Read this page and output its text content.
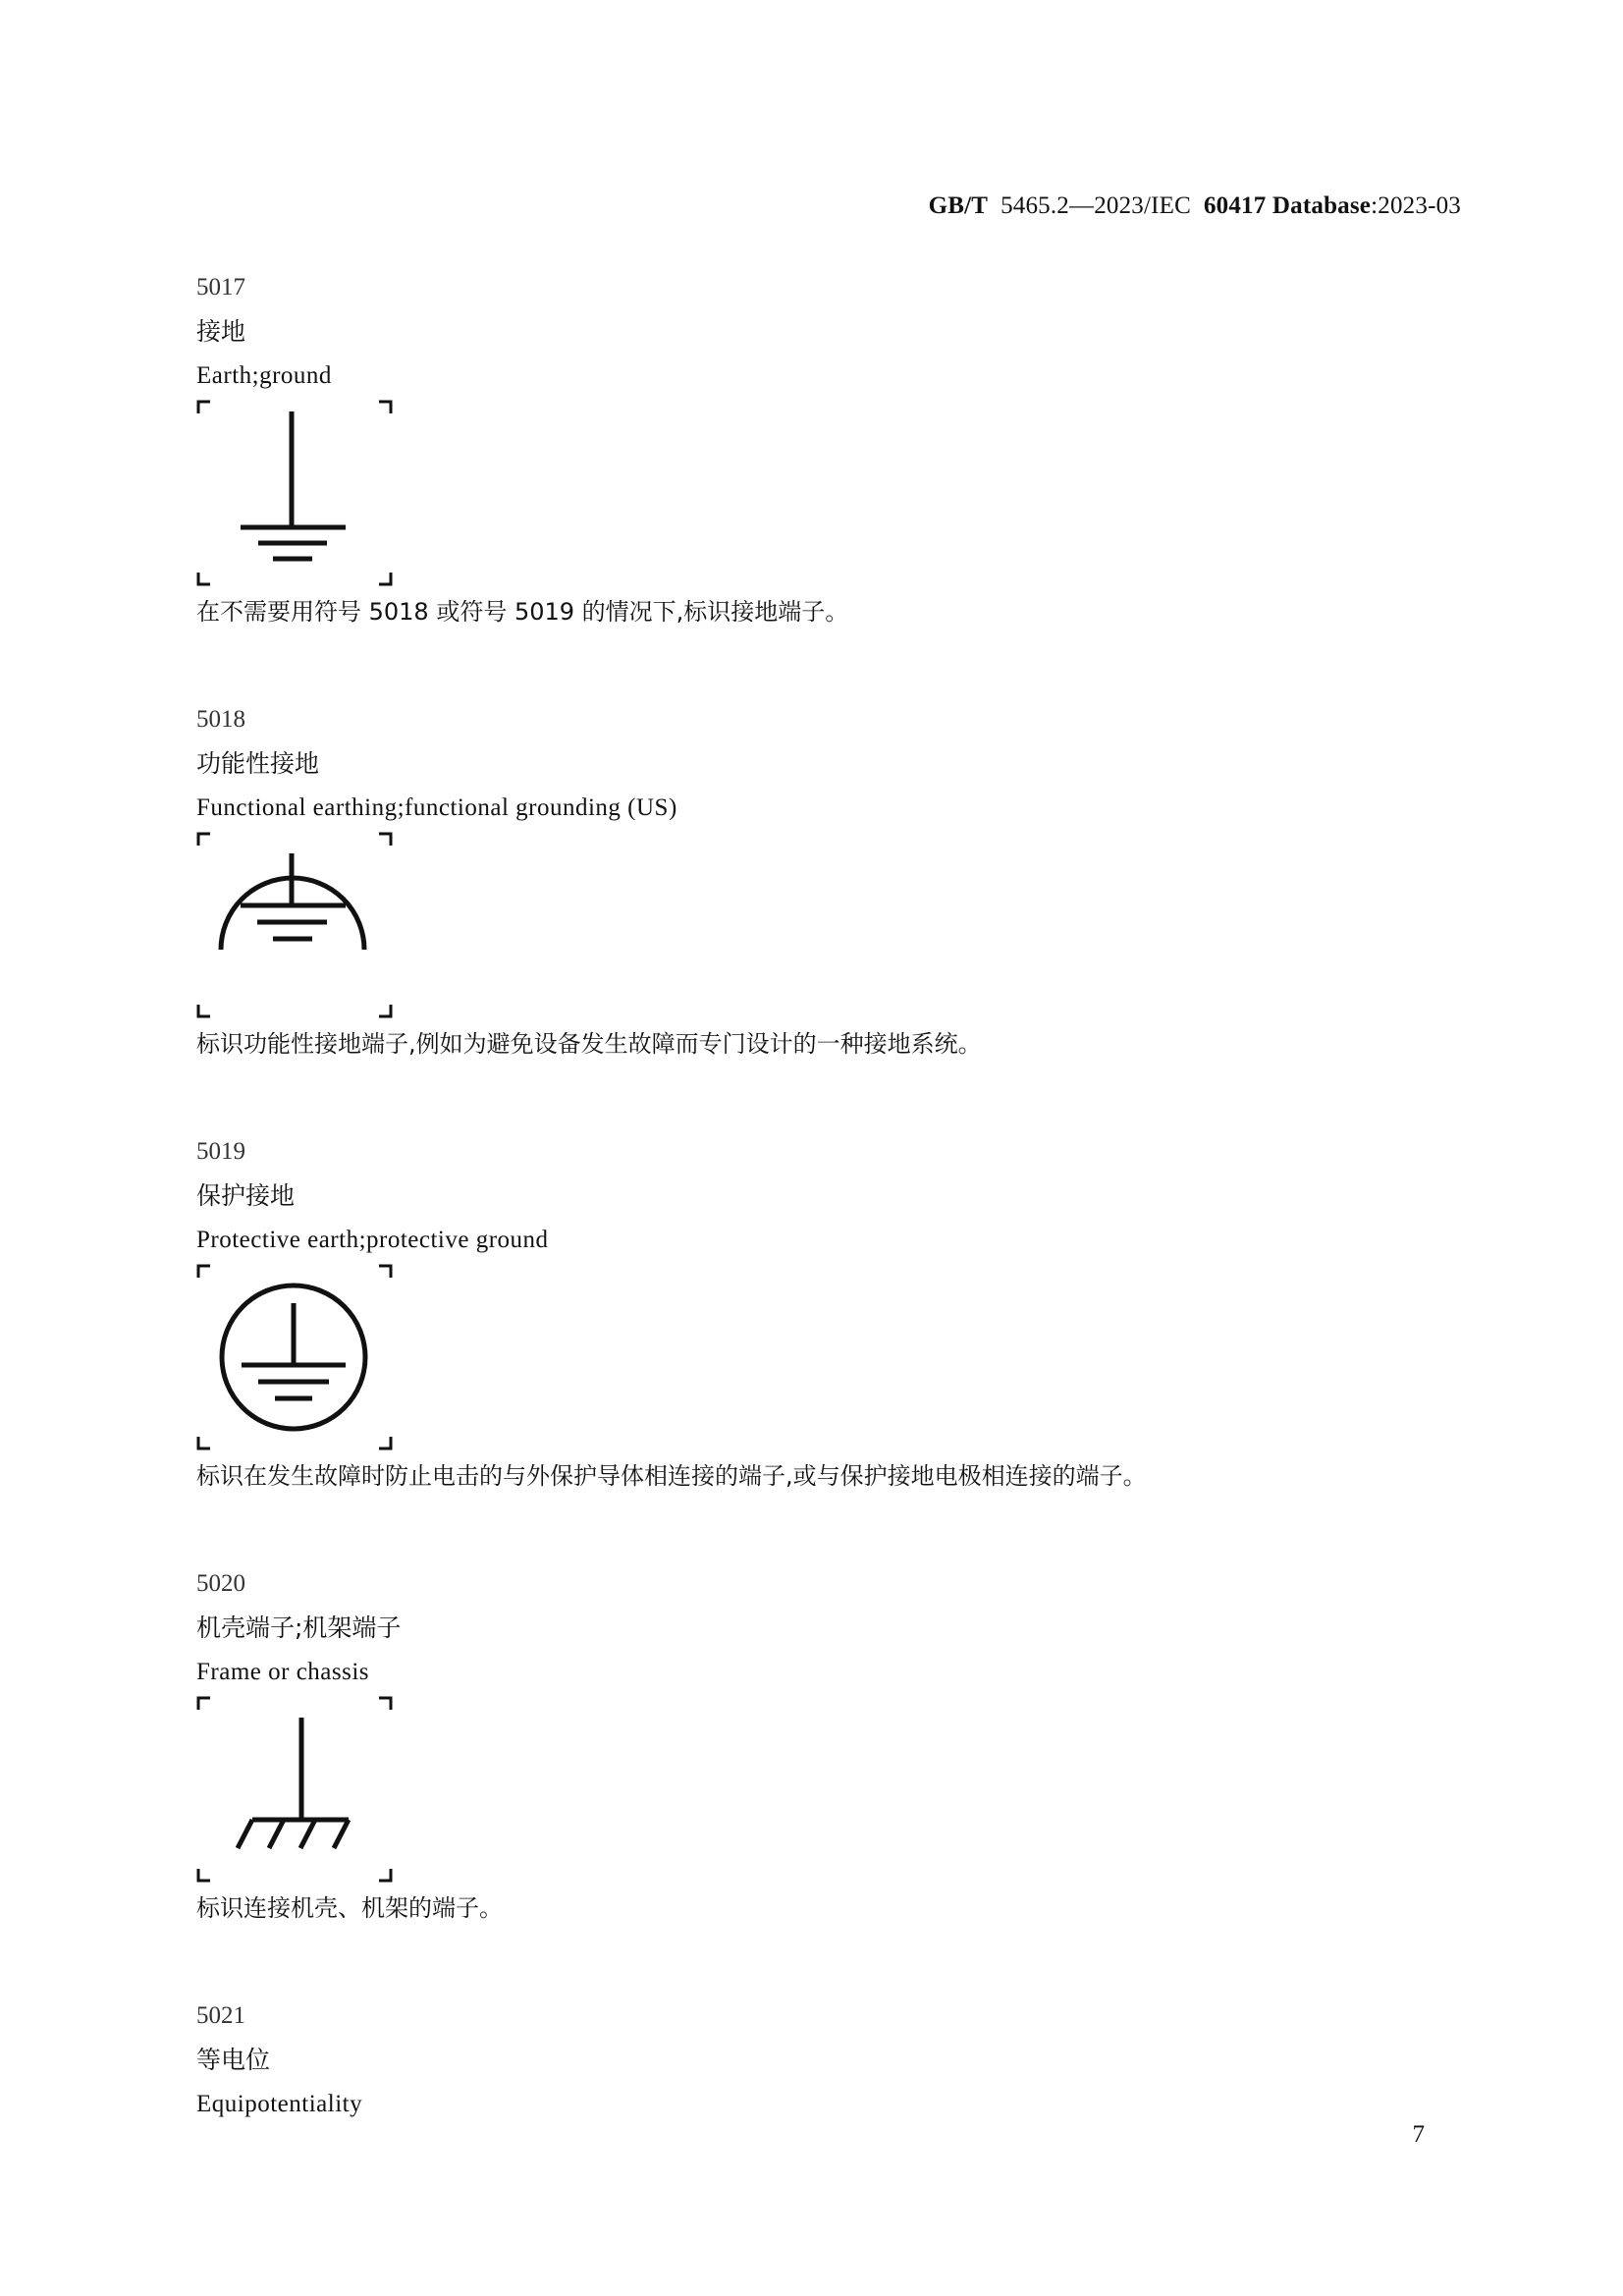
GB/T 5465.2—2023/IEC 60417 Database:2023-03
5017
接地
Earth;ground
在不需要用符号 5018 或符号 5019 的情况下,标识接地端子。
5018
功能性接地
Functional earthing;functional grounding (US)
标识功能性接地端子,例如为避免设备发生故障而专门设计的一种接地系统。
5019
保护接地
Protective earth;protective ground
标识在发生故障时防止电击的与外保护导体相连接的端子,或与保护接地电极相连接的端子。
5020
机壳端子;机架端子
Frame or chassis
标识连接机壳、机架的端子。
5021
等电位
Equipotentiality
7
